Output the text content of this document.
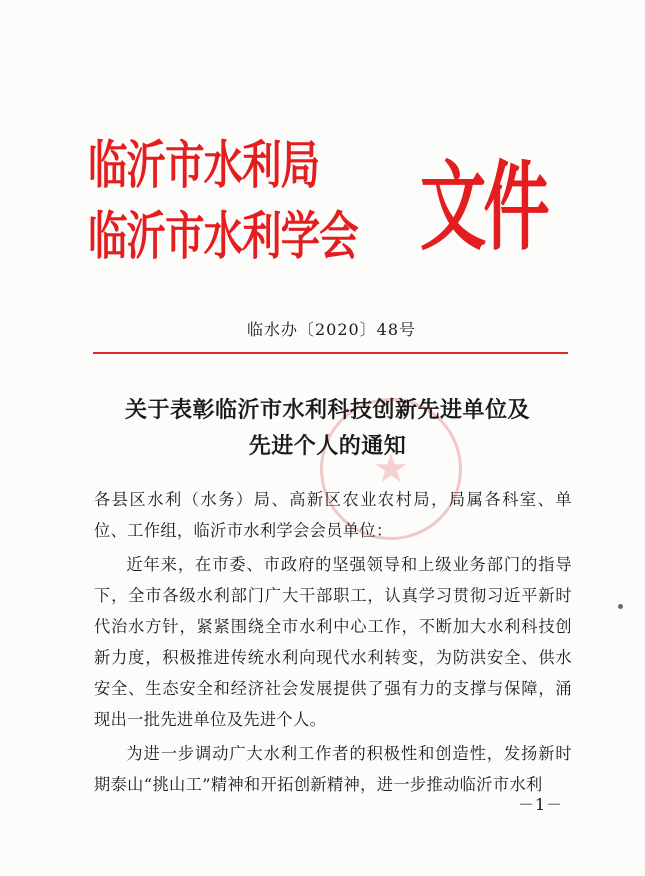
临沂市水利局
临沂市水利学会 文件
临水办〔2020〕48号
★
关于表彰临沂市水利科技创新先进单位及
先进个人的通知

各县区水利（水务）局、高新区农业农村局，局属各科室、单位、工作组，临沂市水利学会会员单位：

近年来，在市委、市政府的坚强领导和上级业务部门的指导下，全市各级水利部门广大干部职工，认真学习贯彻习近平新时代治水方针，紧紧围绕全市水利中心工作，不断加大水利科技创新力度，积极推进传统水利向现代水利转变，为防洪安全、供水安全、生态安全和经济社会发展提供了强有力的支撑与保障，涌现出一批先进单位及先进个人。

为进一步调动广大水利工作者的积极性和创造性，发扬新时期泰山“挑山工”精神和开拓创新精神，进一步推动临沂市水利

－1－
